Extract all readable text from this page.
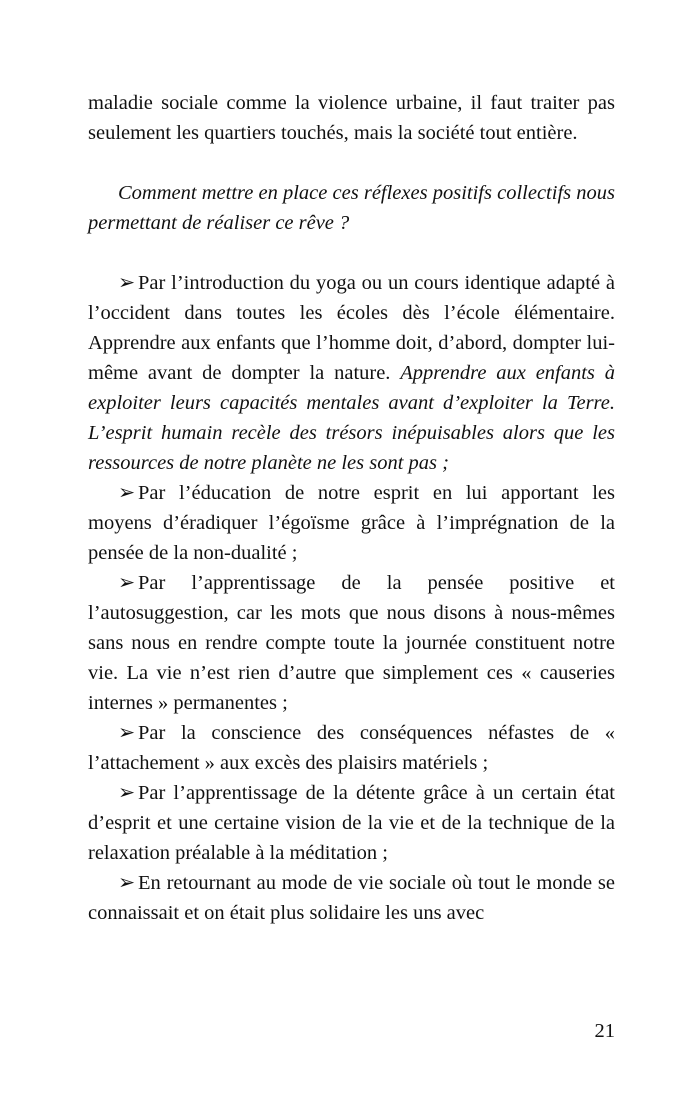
maladie sociale comme la violence urbaine, il faut traiter pas seulement les quartiers touchés, mais la société tout entière.

Comment mettre en place ces réflexes positifs collectifs nous permettant de réaliser ce rêve ?

➢ Par l’introduction du yoga ou un cours identique adapté à l’occident dans toutes les écoles dès l’école élémentaire. Apprendre aux enfants que l’homme doit, d’abord, dompter lui-même avant de dompter la nature. Apprendre aux enfants à exploiter leurs capacités mentales avant d’exploiter la Terre. L’esprit humain recèle des trésors inépuisables alors que les ressources de notre planète ne les sont pas ;

➢ Par l’éducation de notre esprit en lui apportant les moyens d’éradiquer l’égoïsme grâce à l’imprégnation de la pensée de la non-dualité ;

➢ Par l’apprentissage de la pensée positive et l’autosuggestion, car les mots que nous disons à nous-mêmes sans nous en rendre compte toute la journée constituent notre vie. La vie n’est rien d’autre que simplement ces « causeries internes » permanentes ;

➢ Par la conscience des conséquences néfastes de « l’attachement » aux excès des plaisirs matériels ;

➢ Par l’apprentissage de la détente grâce à un certain état d’esprit et une certaine vision de la vie et de la technique de la relaxation préalable à la méditation ;

➢ En retournant au mode de vie sociale où tout le monde se connaissait et on était plus solidaire les uns avec

21
